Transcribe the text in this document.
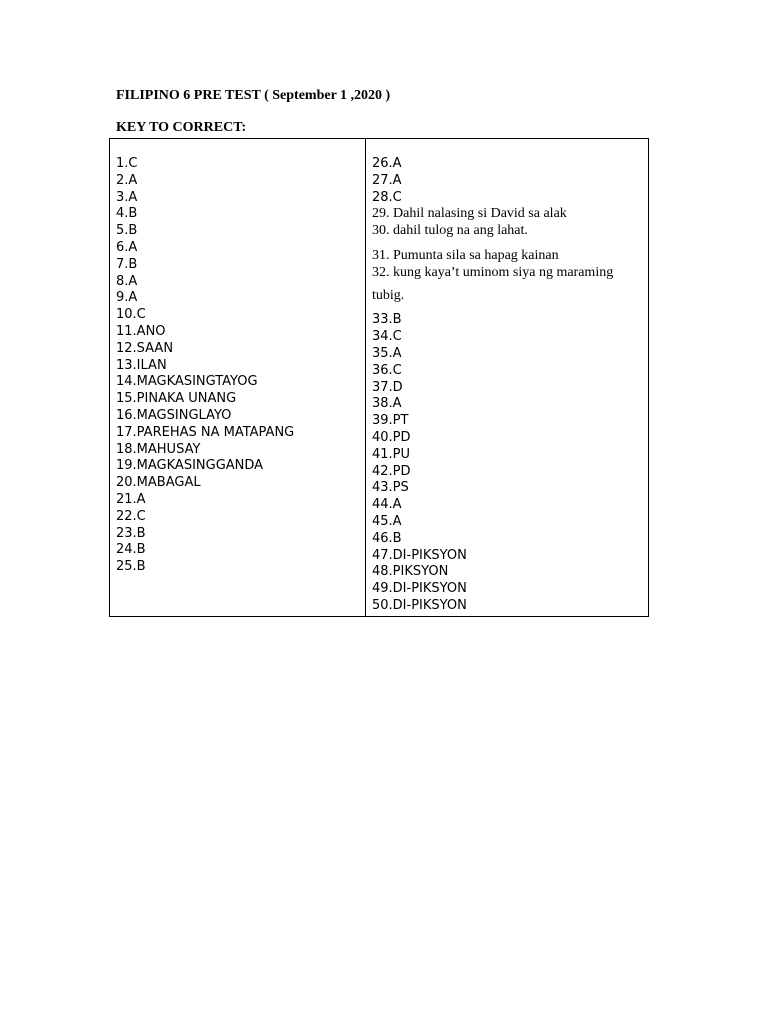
FILIPINO 6 PRE TEST ( September 1 ,2020 )
KEY TO CORRECT:
1.C
2.A
3.A
4.B
5.B
6.A
7.B
8.A
9.A
10.C
11.ANO
12.SAAN
13.ILAN
14.MAGKASINGTAYOG
15.PINAKA UNANG
16.MAGSINGLAYO
17.PAREHAS NA MATAPANG
18.MAHUSAY
19.MAGKASINGGANDA
20.MABAGAL
21.A
22.C
23.B
24.B
25.B
26.A
27.A
28.C
29. Dahil nalasing si David sa alak
30. dahil tulog na ang lahat.
31. Pumunta sila sa hapag kainan
32. kung kaya’t uminom siya ng maraming
tubig.
33.B
34.C
35.A
36.C
37.D
38.A
39.PT
40.PD
41.PU
42.PD
43.PS
44.A
45.A
46.B
47.DI-PIKSYON
48.PIKSYON
49.DI-PIKSYON
50.DI-PIKSYON
